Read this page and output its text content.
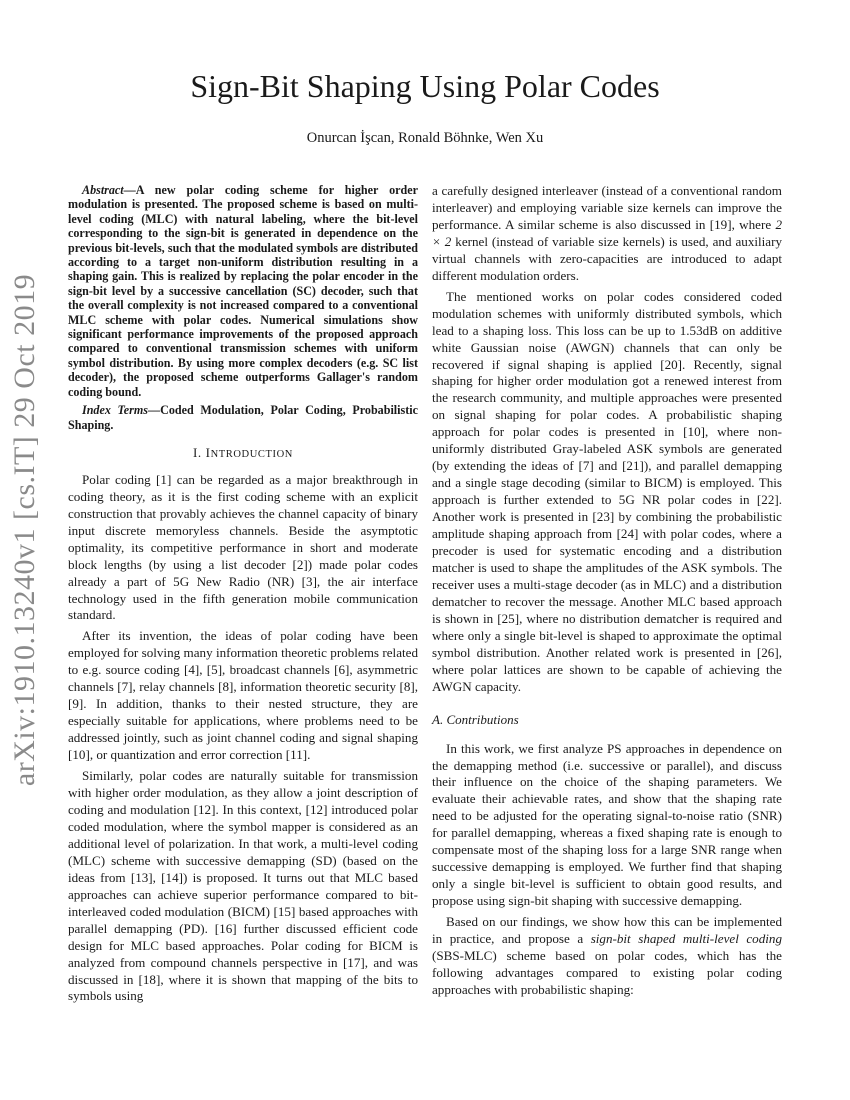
arXiv:1910.13240v1 [cs.IT] 29 Oct 2019
Sign-Bit Shaping Using Polar Codes
Onurcan İşcan, Ronald Böhnke, Wen Xu

Abstract—A new polar coding scheme for higher order modulation is presented. The proposed scheme is based on multi-level coding (MLC) with natural labeling, where the bit-level corresponding to the sign-bit is generated in dependence on the previous bit-levels, such that the modulated symbols are distributed according to a target non-uniform distribution resulting in a shaping gain. This is realized by replacing the polar encoder in the sign-bit level by a successive cancellation (SC) decoder, such that the overall complexity is not increased compared to a conventional MLC scheme with polar codes. Numerical simulations show significant performance improvements of the proposed approach compared to conventional transmission schemes with uniform symbol distribution. By using more complex decoders (e.g. SC list decoder), the proposed scheme outperforms Gallager's random coding bound.

Index Terms—Coded Modulation, Polar Coding, Probabilistic Shaping.

I. INTRODUCTION

Polar coding [1] can be regarded as a major breakthrough in coding theory, as it is the first coding scheme with an explicit construction that provably achieves the channel capacity of binary input discrete memoryless channels. Beside the asymptotic optimality, its competitive performance in short and moderate block lengths (by using a list decoder [2]) made polar codes already a part of 5G New Radio (NR) [3], the air interface technology used in the fifth generation mobile communication standard.

After its invention, the ideas of polar coding have been employed for solving many information theoretic problems related to e.g. source coding [4], [5], broadcast channels [6], asymmetric channels [7], relay channels [8], information theoretic security [8], [9]. In addition, thanks to their nested structure, they are especially suitable for applications, where problems need to be addressed jointly, such as joint channel coding and signal shaping [10], or quantization and error correction [11].

Similarly, polar codes are naturally suitable for transmission with higher order modulation, as they allow a joint description of coding and modulation [12]. In this context, [12] introduced polar coded modulation, where the symbol mapper is considered as an additional level of polarization. In that work, a multi-level coding (MLC) scheme with successive demapping (SD) (based on the ideas from [13], [14]) is proposed. It turns out that MLC based approaches can achieve superior performance compared to bit-interleaved coded modulation (BICM) [15] based approaches with parallel demapping (PD). [16] further discussed efficient code design for MLC based approaches. Polar coding for BICM is analyzed from compound channels perspective in [17], and was discussed in [18], where it is shown that mapping of the bits to symbols using

a carefully designed interleaver (instead of a conventional random interleaver) and employing variable size kernels can improve the performance. A similar scheme is also discussed in [19], where 2 × 2 kernel (instead of variable size kernels) is used, and auxiliary virtual channels with zero-capacities are introduced to adapt different modulation orders.

The mentioned works on polar codes considered coded modulation schemes with uniformly distributed symbols, which lead to a shaping loss. This loss can be up to 1.53dB on additive white Gaussian noise (AWGN) channels that can only be recovered if signal shaping is applied [20]. Recently, signal shaping for higher order modulation got a renewed interest from the research community, and multiple approaches were presented on signal shaping for polar codes. A probabilistic shaping approach for polar codes is presented in [10], where non-uniformly distributed Gray-labeled ASK symbols are generated (by extending the ideas of [7] and [21]), and parallel demapping and a single stage decoding (similar to BICM) is employed. This approach is further extended to 5G NR polar codes in [22]. Another work is presented in [23] by combining the probabilistic amplitude shaping approach from [24] with polar codes, where a precoder is used for systematic encoding and a distribution matcher is used to shape the amplitudes of the ASK symbols. The receiver uses a multi-stage decoder (as in MLC) and a distribution dematcher to recover the message. Another MLC based approach is shown in [25], where no distribution dematcher is required and where only a single bit-level is shaped to approximate the optimal symbol distribution. Another related work is presented in [26], where polar lattices are shown to be capable of achieving the AWGN capacity.

A. Contributions

In this work, we first analyze PS approaches in dependence on the demapping method (i.e. successive or parallel), and discuss their influence on the choice of the shaping parameters. We evaluate their achievable rates, and show that the shaping rate need to be adjusted for the operating signal-to-noise ratio (SNR) for parallel demapping, whereas a fixed shaping rate is enough to compensate most of the shaping loss for a large SNR range when successive demapping is employed. We further find that shaping only a single bit-level is sufficient to obtain good results, and propose using sign-bit shaping with successive demapping.

Based on our findings, we show how this can be implemented in practice, and propose a sign-bit shaped multi-level coding (SBS-MLC) scheme based on polar codes, which has the following advantages compared to existing polar coding approaches with probabilistic shaping:
